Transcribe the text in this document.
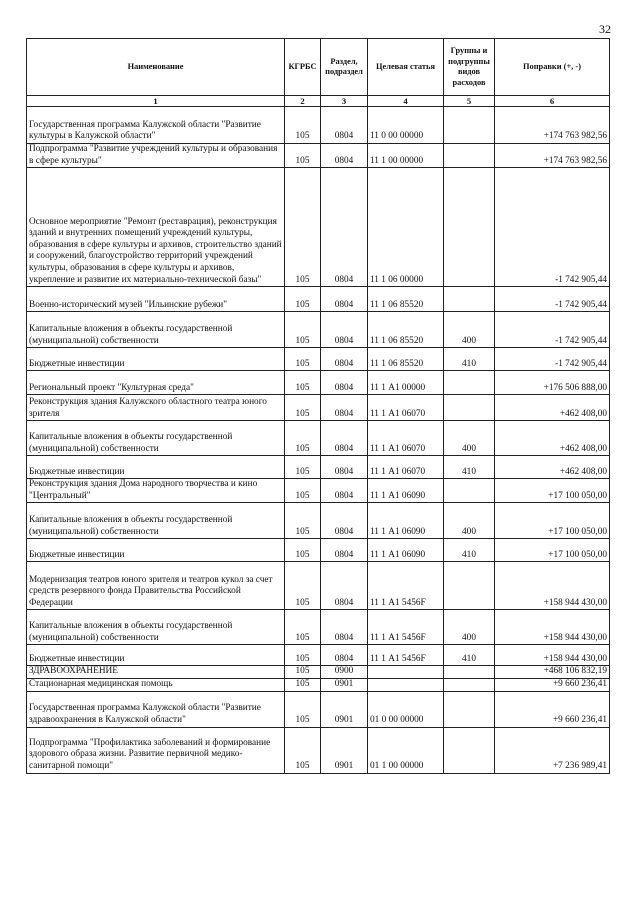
32
Наименование	КГРБС	Раздел, подраздел	Целевая статья	Группы и подгруппы видов расходов	Поправки (+, -)
1	2	3	4	5	6
Государственная программа Калужской области "Развитие культуры в Калужской области"	105	0804	11 0 00 00000		+174 763 982,56
Подпрограмма "Развитие учреждений культуры и образования в сфере культуры"	105	0804	11 1 00 00000		+174 763 982,56
Основное мероприятие "Ремонт (реставрация), реконструкция зданий и внутренних помещений учреждений культуры, образования в сфере культуры и архивов, строительство зданий и сооружений, благоустройство территорий учреждений культуры, образования в сфере культуры и архивов, укрепление и развитие их материально-технической базы"	105	0804	11 1 06 00000		-1 742 905,44
Военно-исторический музей "Ильинские рубежи"	105	0804	11 1 06 85520		-1 742 905,44
Капитальные вложения в объекты государственной (муниципальной) собственности	105	0804	11 1 06 85520	400	-1 742 905,44
Бюджетные инвестиции	105	0804	11 1 06 85520	410	-1 742 905,44
Региональный проект "Культурная среда"	105	0804	11 1 А1 00000		+176 506 888,00
Реконструкция здания Калужского областного театра юного зрителя	105	0804	11 1 А1 06070		+462 408,00
Капитальные вложения в объекты государственной (муниципальной) собственности	105	0804	11 1 А1 06070	400	+462 408,00
Бюджетные инвестиции	105	0804	11 1 А1 06070	410	+462 408,00
Реконструкция здания Дома народного творчества и кино "Центральный"	105	0804	11 1 А1 06090		+17 100 050,00
Капитальные вложения в объекты государственной (муниципальной) собственности	105	0804	11 1 А1 06090	400	+17 100 050,00
Бюджетные инвестиции	105	0804	11 1 А1 06090	410	+17 100 050,00
Модернизация театров юного зрителя и театров кукол за счет средств резервного фонда Правительства Российской Федерации	105	0804	11 1 А1 5456F		+158 944 430,00
Капитальные вложения в объекты государственной (муниципальной) собственности	105	0804	11 1 А1 5456F	400	+158 944 430,00
Бюджетные инвестиции	105	0804	11 1 А1 5456F	410	+158 944 430,00
ЗДРАВООХРАНЕНИЕ	105	0900			+468 106 832,19
Стационарная медицинская помощь	105	0901			+9 660 236,41
Государственная программа Калужской области "Развитие здравоохранения в Калужской области"	105	0901	01 0 00 00000		+9 660 236,41
Подпрограмма "Профилактика заболеваний и формирование здорового образа жизни. Развитие первичной медико-санитарной помощи"	105	0901	01 1 00 00000		+7 236 989,41
